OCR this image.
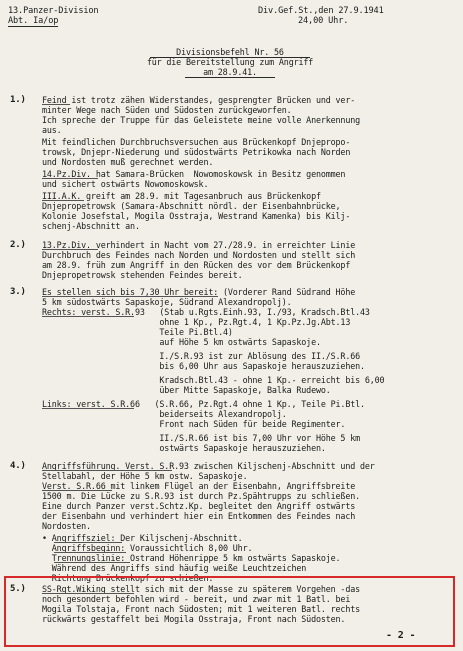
13.Panzer-Division
Abt. Ia/op
Div.Gef.St.,den 27.9.1941
24,00 Uhr.
Divisionsbefehl Nr. 56
für die Bereitstellung zum Angriff
am 28.9.41.
1.) Feind ist trotz zähen Widerstandes, gesprengter Brücken und ver-
minter Wege nach Süden und Südosten zurückgeworfen.
Ich spreche der Truppe für das Geleistete meine volle Anerkennung
aus.
Mit feindlichen Durchbruchsversuchen aus Brückenkopf Dnjepropo-
trowsk, Dnjepr-Niederung und südostwärts Petrikowka nach Norden
und Nordosten muß gerechnet werden.
14.Pz.Div. hat Samara-Brücken  Nowomoskowsk in Besitz genommen
und sichert ostwärts Nowomoskowsk.
III.A.K. greift am 28.9. mit Tagesanbruch aus Brückenkopf
Dnjepropetrowsk (Samara-Abschnitt nördl. der Eisenbahnbrücke,
Kolonie Josefstal, Mogila Osstraja, Westrand Kamenka) bis Kilj-
schenj-Abschnitt an.
2.) 13.Pz.Div. verhindert in Nacht vom 27./28.9. in erreichter Linie
Durchbruch des Feindes nach Norden und Nordosten und stellt sich
am 28.9. früh zum Angriff in den Rücken des vor dem Brückenkopf
Dnjepropetrowsk stehenden Feindes bereit.
3.) Es stellen sich bis 7,30 Uhr bereit: (Vorderer Rand Südrand Höhe
5 km südostwärts Sapaskoje, Südrand Alexandropolj).
Rechts: verst. S.R.93   (Stab u.Rgts.Einh.93, I./93, Kradsch.Btl.43
ohne 1 Kp., Pz.Rgt.4, 1 Kp.Pz.Jg.Abt.13
Teile Pi.Btl.4)
auf Höhe 5 km ostwärts Sapaskoje.
I./S.R.93 ist zur Ablösung des II./S.R.66
bis 6,00 Uhr aus Sapaskoje herauszuziehen.
Kradsch.Btl.43 - ohne 1 Kp.- erreicht bis 6,00
über Mitte Sapaskoje, Balka Rudewo.
Links: verst. S.R.66   (S.R.66, Pz.Rgt.4 ohne 1 Kp., Teile Pi.Btl.
beiderseits Alexandropolj.
Front nach Süden für beide Regimenter.
II./S.R.66 ist bis 7,00 Uhr vor Höhe 5 km
ostwärts Sapaskoje herauszuziehen.
4.) Angriffsführung. Verst. S.R.93 zwischen Kiljschenj-Abschnitt und der
Stellabahl, der Höhe 5 km ostw. Sapaskoje.
Verst. S.R.66 mit linkem Flügel an der Eisenbahn, Angriffsbreite
1500 m. Die Lücke zu S.R.93 ist durch Pz.Spähtrupps zu schließen.
Eine durch Panzer verst.Schtz.Kp. begleitet den Angriff ostwärts
der Eisenbahn und verhindert hier ein Entkommen des Feindes nach
Nordosten.
• Angriffsziel: Der Kiljschenj-Abschnitt.
Angriffsbeginn: Voraussichtlich 8,00 Uhr.
Trennungslinie: Ostrand Höhenrippe 5 km ostwärts Sapaskoje.
Während des Angriffs sind häufig weiße Leuchtzeichen
Richtung Brückenkopf zu schießen.
5.) SS-Rgt.Wiking stellt sich mit der Masse zu späterem Vorgehen -das
noch gesondert befohlen wird - bereit, und zwar mit 1 Batl. bei
Mogila Tolstaja, Front nach Südosten; mit 1 weiteren Batl. rechts
rückwärts gestaffelt bei Mogila Osstraja, Front nach Südosten.
- 2 -
